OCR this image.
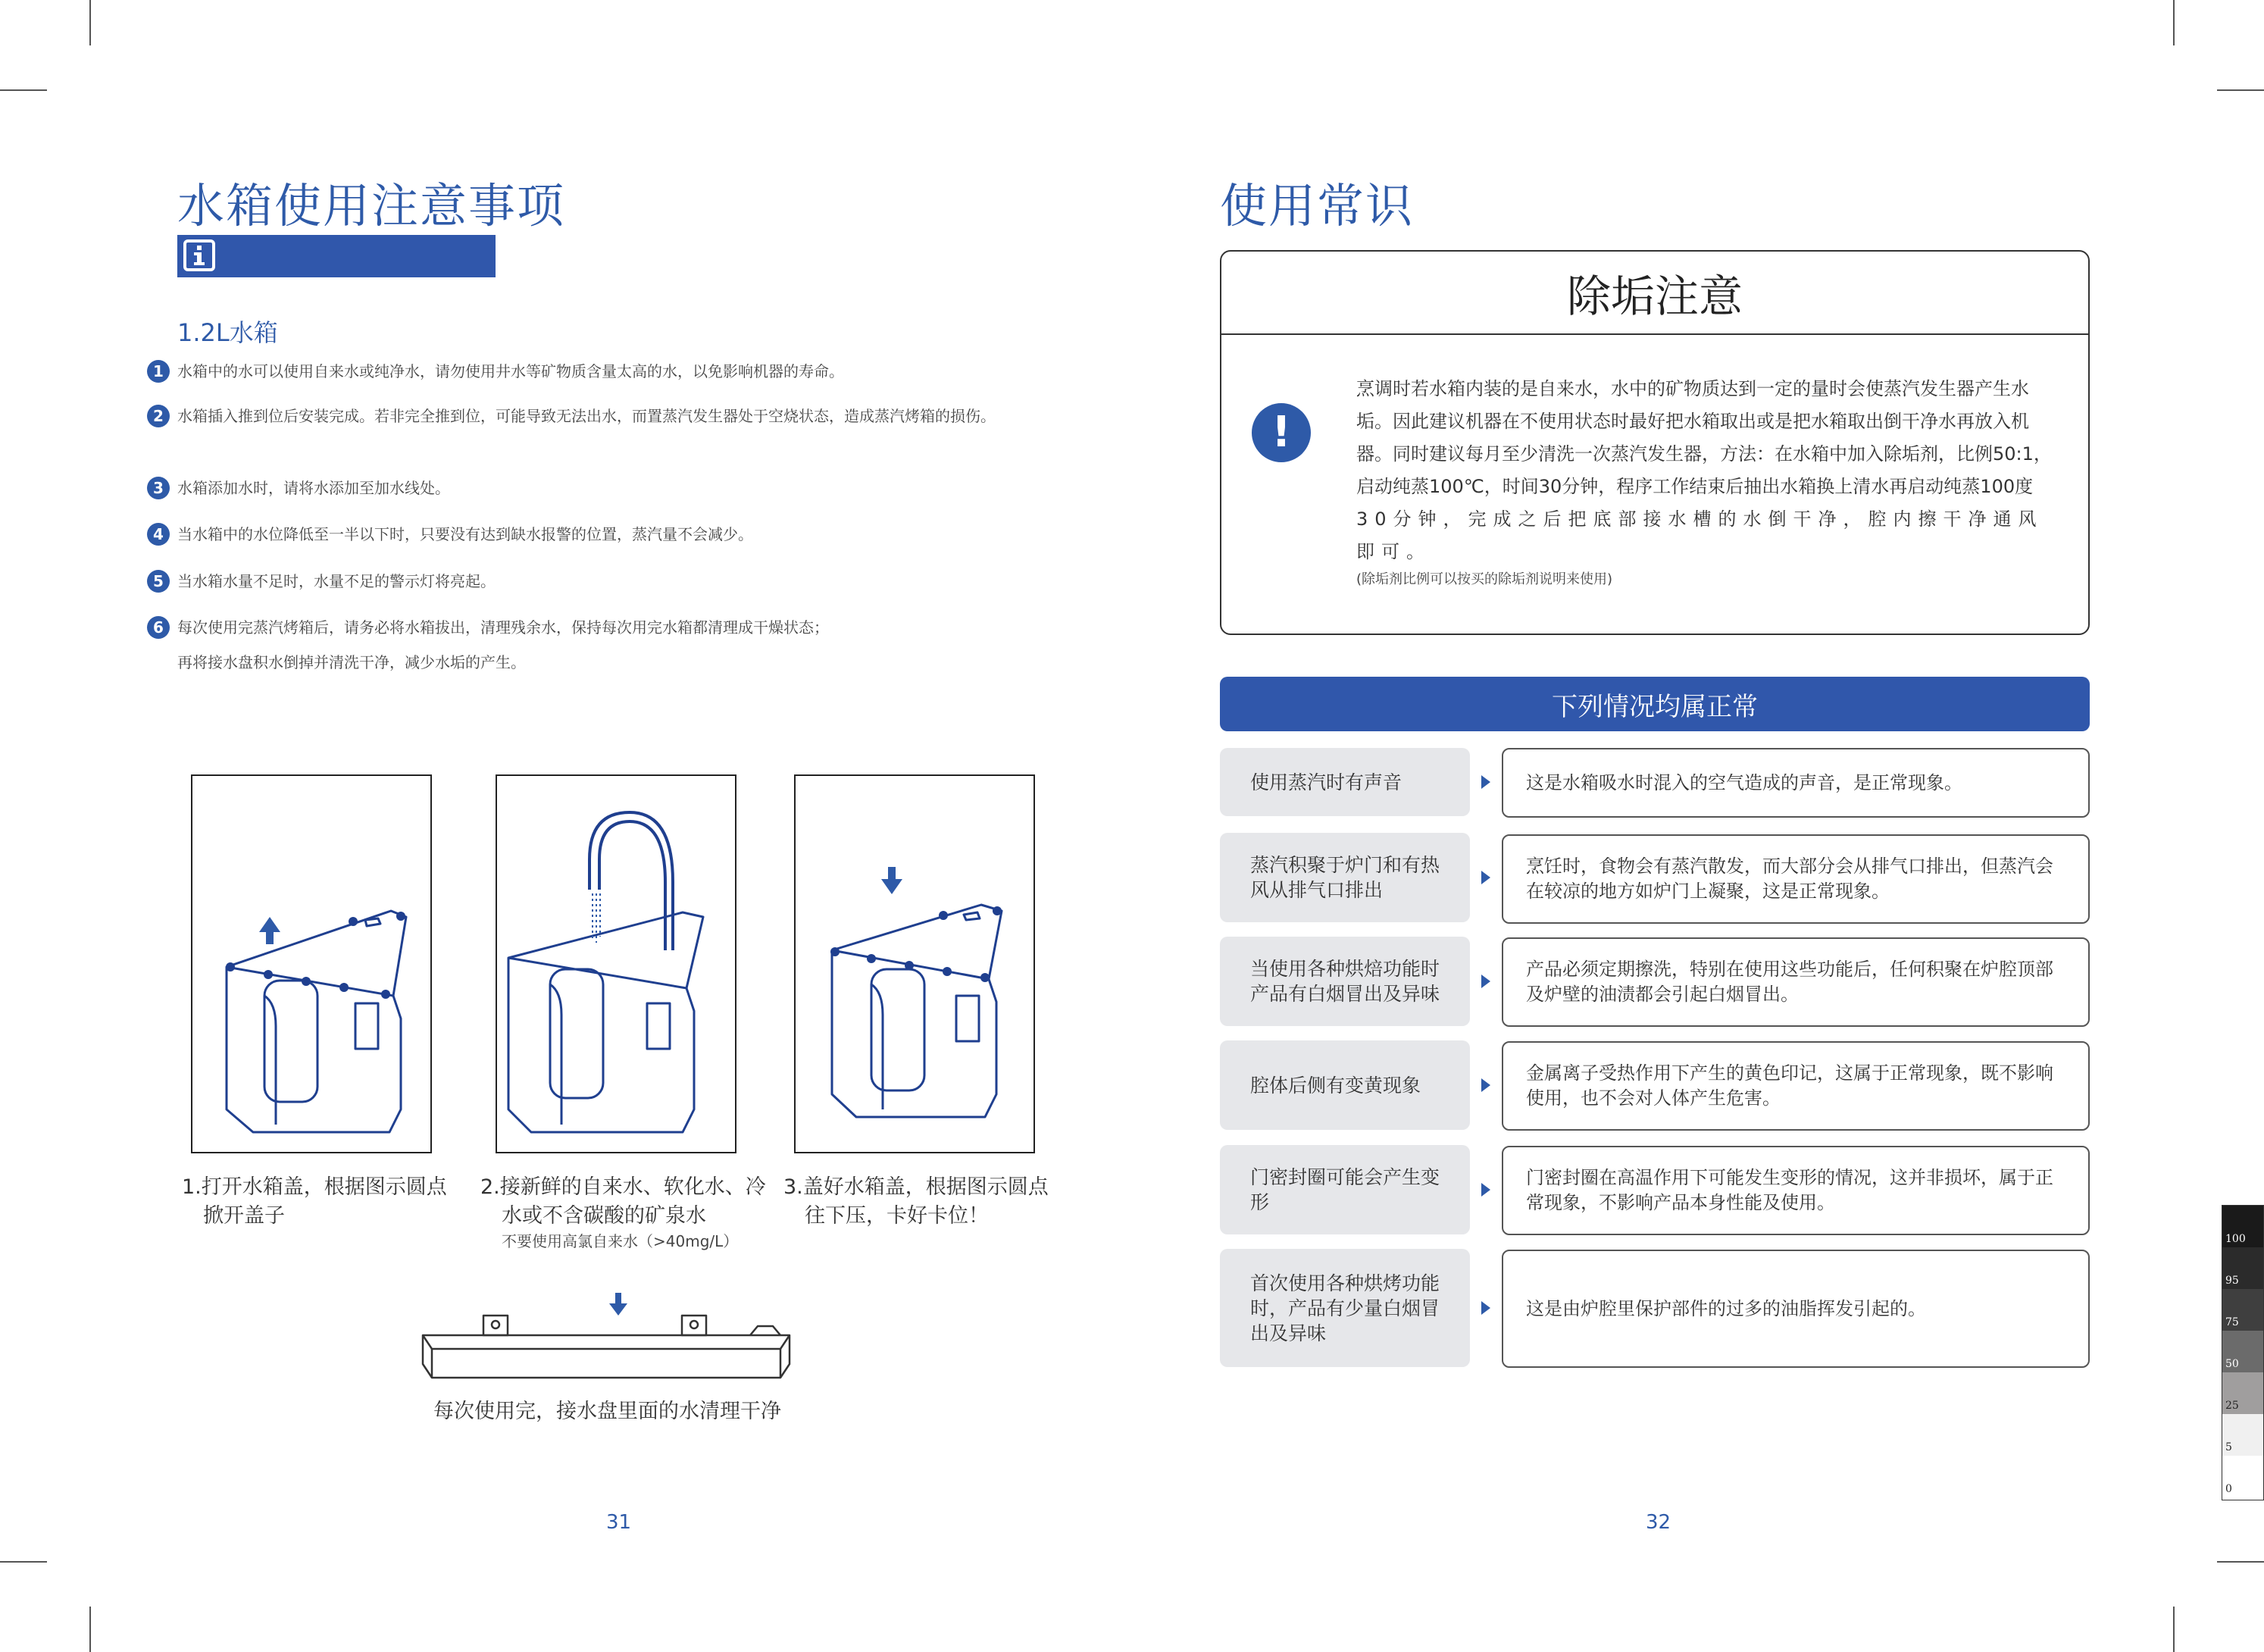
水箱使用注意事项
1.2L水箱
1 水箱中的水可以使用自来水或纯净水，请勿使用井水等矿物质含量太高的水，以免影响机器的寿命。
2 水箱插入推到位后安装完成。若非完全推到位，可能导致无法出水，而置蒸汽发生器处于空烧状态，造成蒸汽烤箱的损伤。
3 水箱添加水时，请将水添加至加水线处。
4 当水箱中的水位降低至一半以下时，只要没有达到缺水报警的位置，蒸汽量不会减少。
5 当水箱水量不足时，水量不足的警示灯将亮起。
6 每次使用完蒸汽烤箱后，请务必将水箱拔出，清理残余水，保持每次用完水箱都清理成干燥状态；
再将接水盘积水倒掉并清洗干净，减少水垢的产生。
1.打开水箱盖，根据图示圆点
掀开盖子
2.接新鲜的自来水、软化水、冷
水或不含碳酸的矿泉水
不要使用高氯自来水（>40mg/L）
3.盖好水箱盖，根据图示圆点
往下压，卡好卡位！
每次使用完，接水盘里面的水清理干净
31
使用常识
除垢注意
!
烹调时若水箱内装的是自来水，水中的矿物质达到一定的量时会使蒸汽发生器产生水
垢。因此建议机器在不使用状态时最好把水箱取出或是把水箱取出倒干净水再放入机
器。同时建议每月至少清洗一次蒸汽发生器，方法：在水箱中加入除垢剂，比例50:1，
启动纯蒸100℃，时间30分钟，程序工作结束后抽出水箱换上清水再启动纯蒸100度
30分钟，完成之后把底部接水槽的水倒干净，腔内擦干净通风即可。
(除垢剂比例可以按买的除垢剂说明来使用)
下列情况均属正常
使用蒸汽时有声音	这是水箱吸水时混入的空气造成的声音，是正常现象。
蒸汽积聚于炉门和有热风从排气口排出
烹饪时，食物会有蒸汽散发，而大部分会从排气口排出，但蒸汽会在较凉的地方如炉门上凝聚，这是正常现象。
当使用各种烘焙功能时产品有白烟冒出及异味
产品必须定期擦洗，特别在使用这些功能后，任何积聚在炉腔顶部及炉壁的油渍都会引起白烟冒出。
腔体后侧有变黄现象
金属离子受热作用下产生的黄色印记，这属于正常现象，既不影响使用，也不会对人体产生危害。
门密封圈可能会产生变形
门密封圈在高温作用下可能发生变形的情况，这并非损坏，属于正常现象，不影响产品本身性能及使用。
首次使用各种烘烤功能时，产品有少量白烟冒出及异味
这是由炉腔里保护部件的过多的油脂挥发引起的。
32
100
95
75
50
25
5
0
